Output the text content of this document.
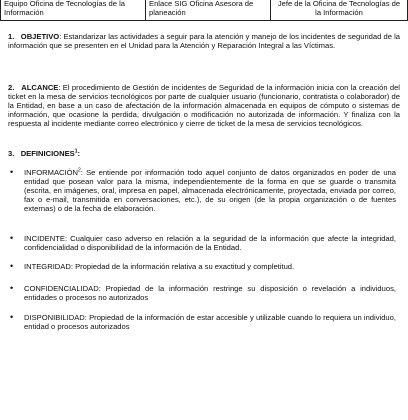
Equipo Oficina de Tecnologías de la Información	Enlace SIG Oficina Asesora de planeación	Jefe de la Oficina de Tecnologías de la Información
1. OBJETIVO: Estandarizar las actividades a seguir para la atención y manejo de los incidentes de seguridad de la información que se presenten en el Unidad para la Atención y Reparación Integral a las Víctimas.
2. ALCANCE: El procedimiento de Gestión de incidentes de Seguridad de la información inicia con la creación del ticket en la mesa de servicios tecnológicos por parte de cualquier usuario (funcionario, contratista o colaborador) de la Entidad, en base a un caso de afectación de la información almacenada en equipos de cómputo o sistemas de información, que ocasione la perdida, divulgación o modificación no autorizada de información. Y finaliza con la respuesta al incidente mediante correo electrónico y cierre de ticket de la mesa de servicios tecnológicos.
3. DEFINICIONES$^1$:
• INFORMACIÓN$^2$: Se entiende por información todo aquel conjunto de datos organizados en poder de una entidad que posean valor para la misma, independientemente de la forma en que se guarde o transmita (escrita, en imágenes, oral, impresa en papel, almacenada electrónicamente, proyectada, enviada por correo, fax o e-mail, transmitida en conversaciones, etc.), de su origen (de la propia organización o de fuentes externas) o de la fecha de elaboración.
• INCIDENTE: Cualquier caso adverso en relación a la seguridad de la información que afecte la integridad, confidencialidad o disponibilidad de la información de la Entidad.
• INTEGRIDAD: Propiedad de la información relativa a su exactitud y completitud.
• CONFIDENCIALIDAD: Propiedad de la información restringe su disposición o revelación a individuos, entidades o procesos no autorizados
• DISPONIBILIDAD: Propiedad de la información de estar accesible y utilizable cuando lo requiera un individuo, entidad o procesos autorizados
